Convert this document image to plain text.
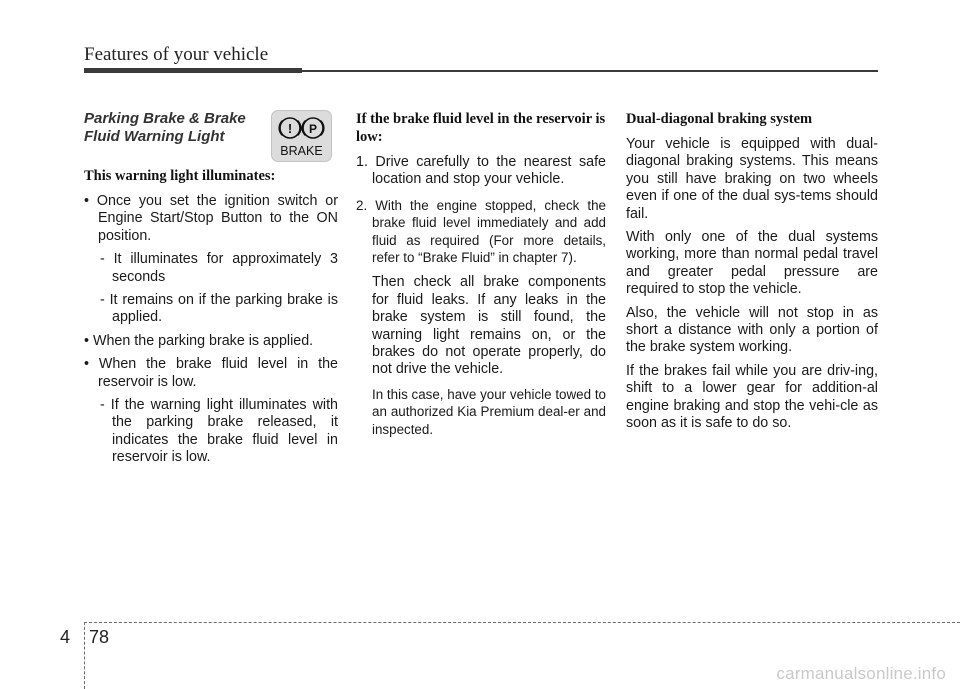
Features of your vehicle
Parking Brake & Brake Fluid Warning Light
This warning light illuminates:
• Once you set the ignition switch or Engine Start/Stop Button to the ON position.
- It illuminates for approximately 3 seconds
- It remains on if the parking brake is applied.
• When the parking brake is applied.
• When the brake fluid level in the reservoir is low.
- If the warning light illuminates with the parking brake released, it indicates the brake fluid level in reservoir is low.
! P
BRAKE
If the brake fluid level in the reservoir is low:
1. Drive carefully to the nearest safe location and stop your vehicle.
2. With the engine stopped, check the brake fluid level immediately and add fluid as required (For more details, refer to “Brake Fluid” in chapter 7).
Then check all brake components for fluid leaks. If any leaks in the brake system is still found, the warning light remains on, or the brakes do not operate properly, do not drive the vehicle.
In this case, have your vehicle towed to an authorized Kia Premium deal-er and inspected.
Dual-diagonal braking system

Your vehicle is equipped with dual-diagonal braking systems. This means you still have braking on two wheels even if one of the dual sys-tems should fail.

With only one of the dual systems working, more than normal pedal travel and greater pedal pressure are required to stop the vehicle.

Also, the vehicle will not stop in as short a distance with only a portion of the brake system working.

If the brakes fail while you are driv-ing, shift to a lower gear for addition-al engine braking and stop the vehi-cle as soon as it is safe to do so.

4 78
carmanualsonline.info
